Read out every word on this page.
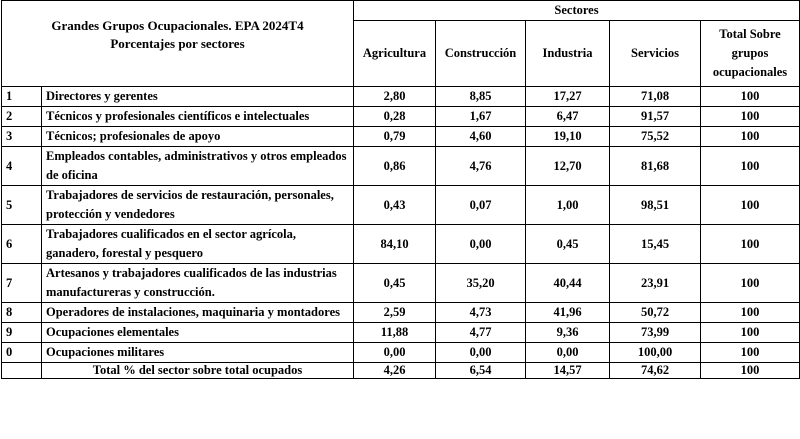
Grandes Grupos Ocupacionales. EPA 2024T4
Porcentajes por sectores		Sectores				
		Agricultura	Construcción	Industria	Servicios	Total Sobre grupos ocupacionales
1	Directores y gerentes	2,80	8,85	17,27	71,08	100
2	Técnicos y profesionales científicos e intelectuales	0,28	1,67	6,47	91,57	100
3	Técnicos; profesionales de apoyo	0,79	4,60	19,10	75,52	100
4	Empleados contables, administrativos y otros empleados de oficina	0,86	4,76	12,70	81,68	100
5	Trabajadores de servicios de restauración, personales, protección y vendedores	0,43	0,07	1,00	98,51	100
6	Trabajadores cualificados en el sector agrícola, ganadero, forestal y pesquero	84,10	0,00	0,45	15,45	100
7	Artesanos y trabajadores cualificados de las industrias manufactureras y construcción.	0,45	35,20	40,44	23,91	100
8	Operadores de instalaciones, maquinaria y montadores	2,59	4,73	41,96	50,72	100
9	Ocupaciones elementales	11,88	4,77	9,36	73,99	100
0	Ocupaciones militares	0,00	0,00	0,00	100,00	100
	Total % del sector sobre total ocupados	4,26	6,54	14,57	74,62	100
